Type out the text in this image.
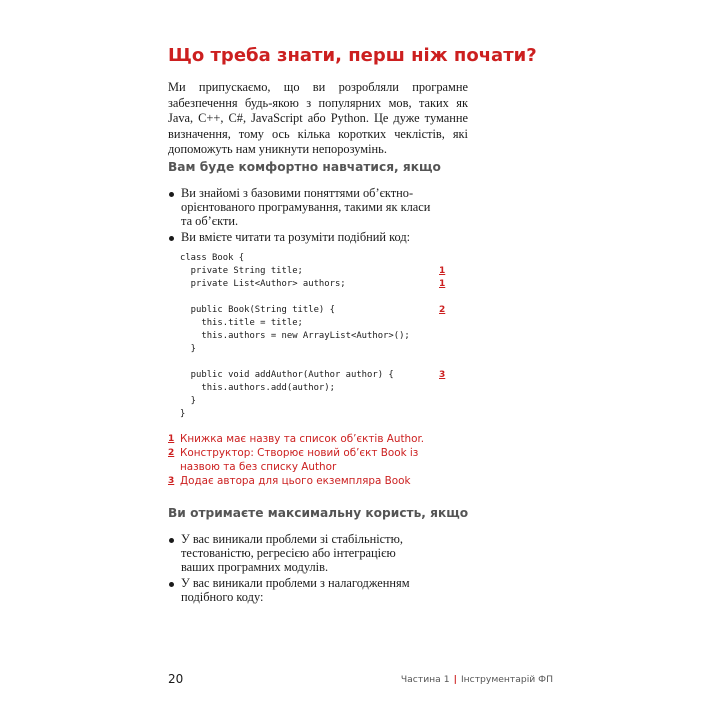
Що треба знати, перш ніж почати?

Ми припускаємо, що ви розробляли програмне забезпечення будь-якою з популярних мов, таких як Java, C++, C#, JavaScript або Python. Це дуже туманне визначення, тому ось кілька коротких чеклістів, які допоможуть нам уникнути непорозумінь.

Вам буде комфортно навчатися, якщо
Ви знайомі з базовими поняттями об’єктно-орієнтованого програмування, такими як класи та об’єкти.
Ви вмієте читати та розуміти подібний код:
class Book {
private String title;
private List<Author> authors;
public Book(String title) {
this.title = title;
this.authors = new ArrayList<Author>();
}
public void addAuthor(Author author) {
this.authors.add(author);
}
}
1
1
2
3
1 Книжка має назву та список об’єктів Author.
2 Конструктор: Створює новий об’єкт Book із назвою та без списку Author
3 Додає автора для цього екземпляра Book
Ви отримаєте максимальну користь, якщо
У вас виникали проблеми зі стабільністю, тестованістю, регресією або інтеграцією ваших програмних модулів.
У вас виникали проблеми з налагодженням подібного коду:
20	Частина 1 | Інструментарій ФП
